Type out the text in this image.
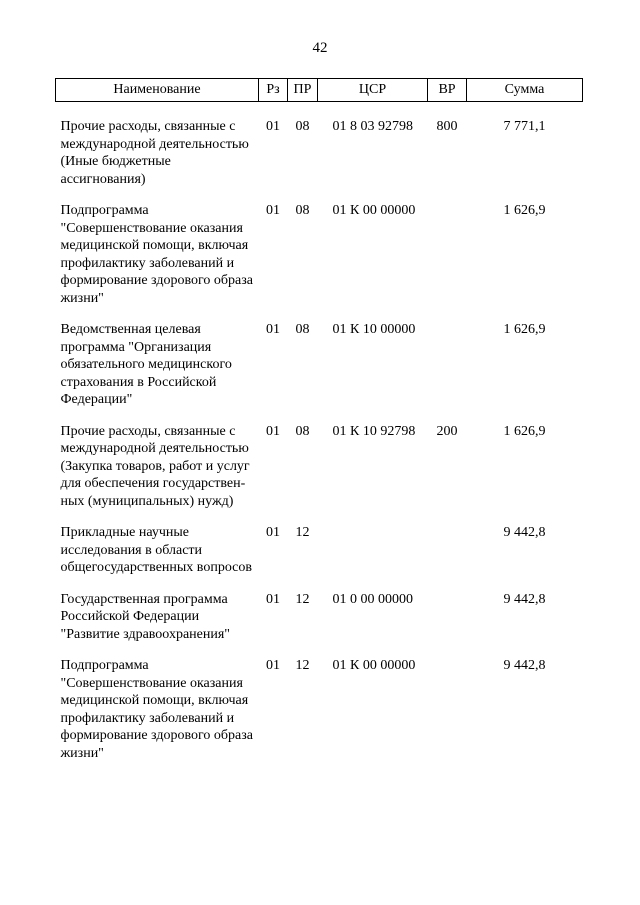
42
Наименование	Рз	ПР	ЦСР	ВР	Сумма

Прочие расходы, связанные с международной деятельностью (Иные бюджетные ассигнования)	01	08	01 8 03 92798	800	7 771,1
Подпрограмма "Совершенствование оказания медицинской помощи, включая профилактику заболеваний и формирование здорового образа жизни"	01	08	01 К 00 00000		1 626,9
Ведомственная целевая программа "Организация обязательного медицинского страхования в Российской Федерации"	01	08	01 К 10 00000		1 626,9
Прочие расходы, связанные с международной деятельностью (Закупка товаров, работ и услуг для обеспечения государствен-ных (муниципальных) нужд)	01	08	01 К 10 92798	200	1 626,9
Прикладные научные исследования в области общегосударственных вопросов	01	12			9 442,8
Государственная программа Российской Федерации "Развитие здравоохранения"	01	12	01 0 00 00000		9 442,8
Подпрограмма "Совершенствование оказания медицинской помощи, включая профилактику заболеваний и формирование здорового образа жизни"	01	12	01 К 00 00000		9 442,8
